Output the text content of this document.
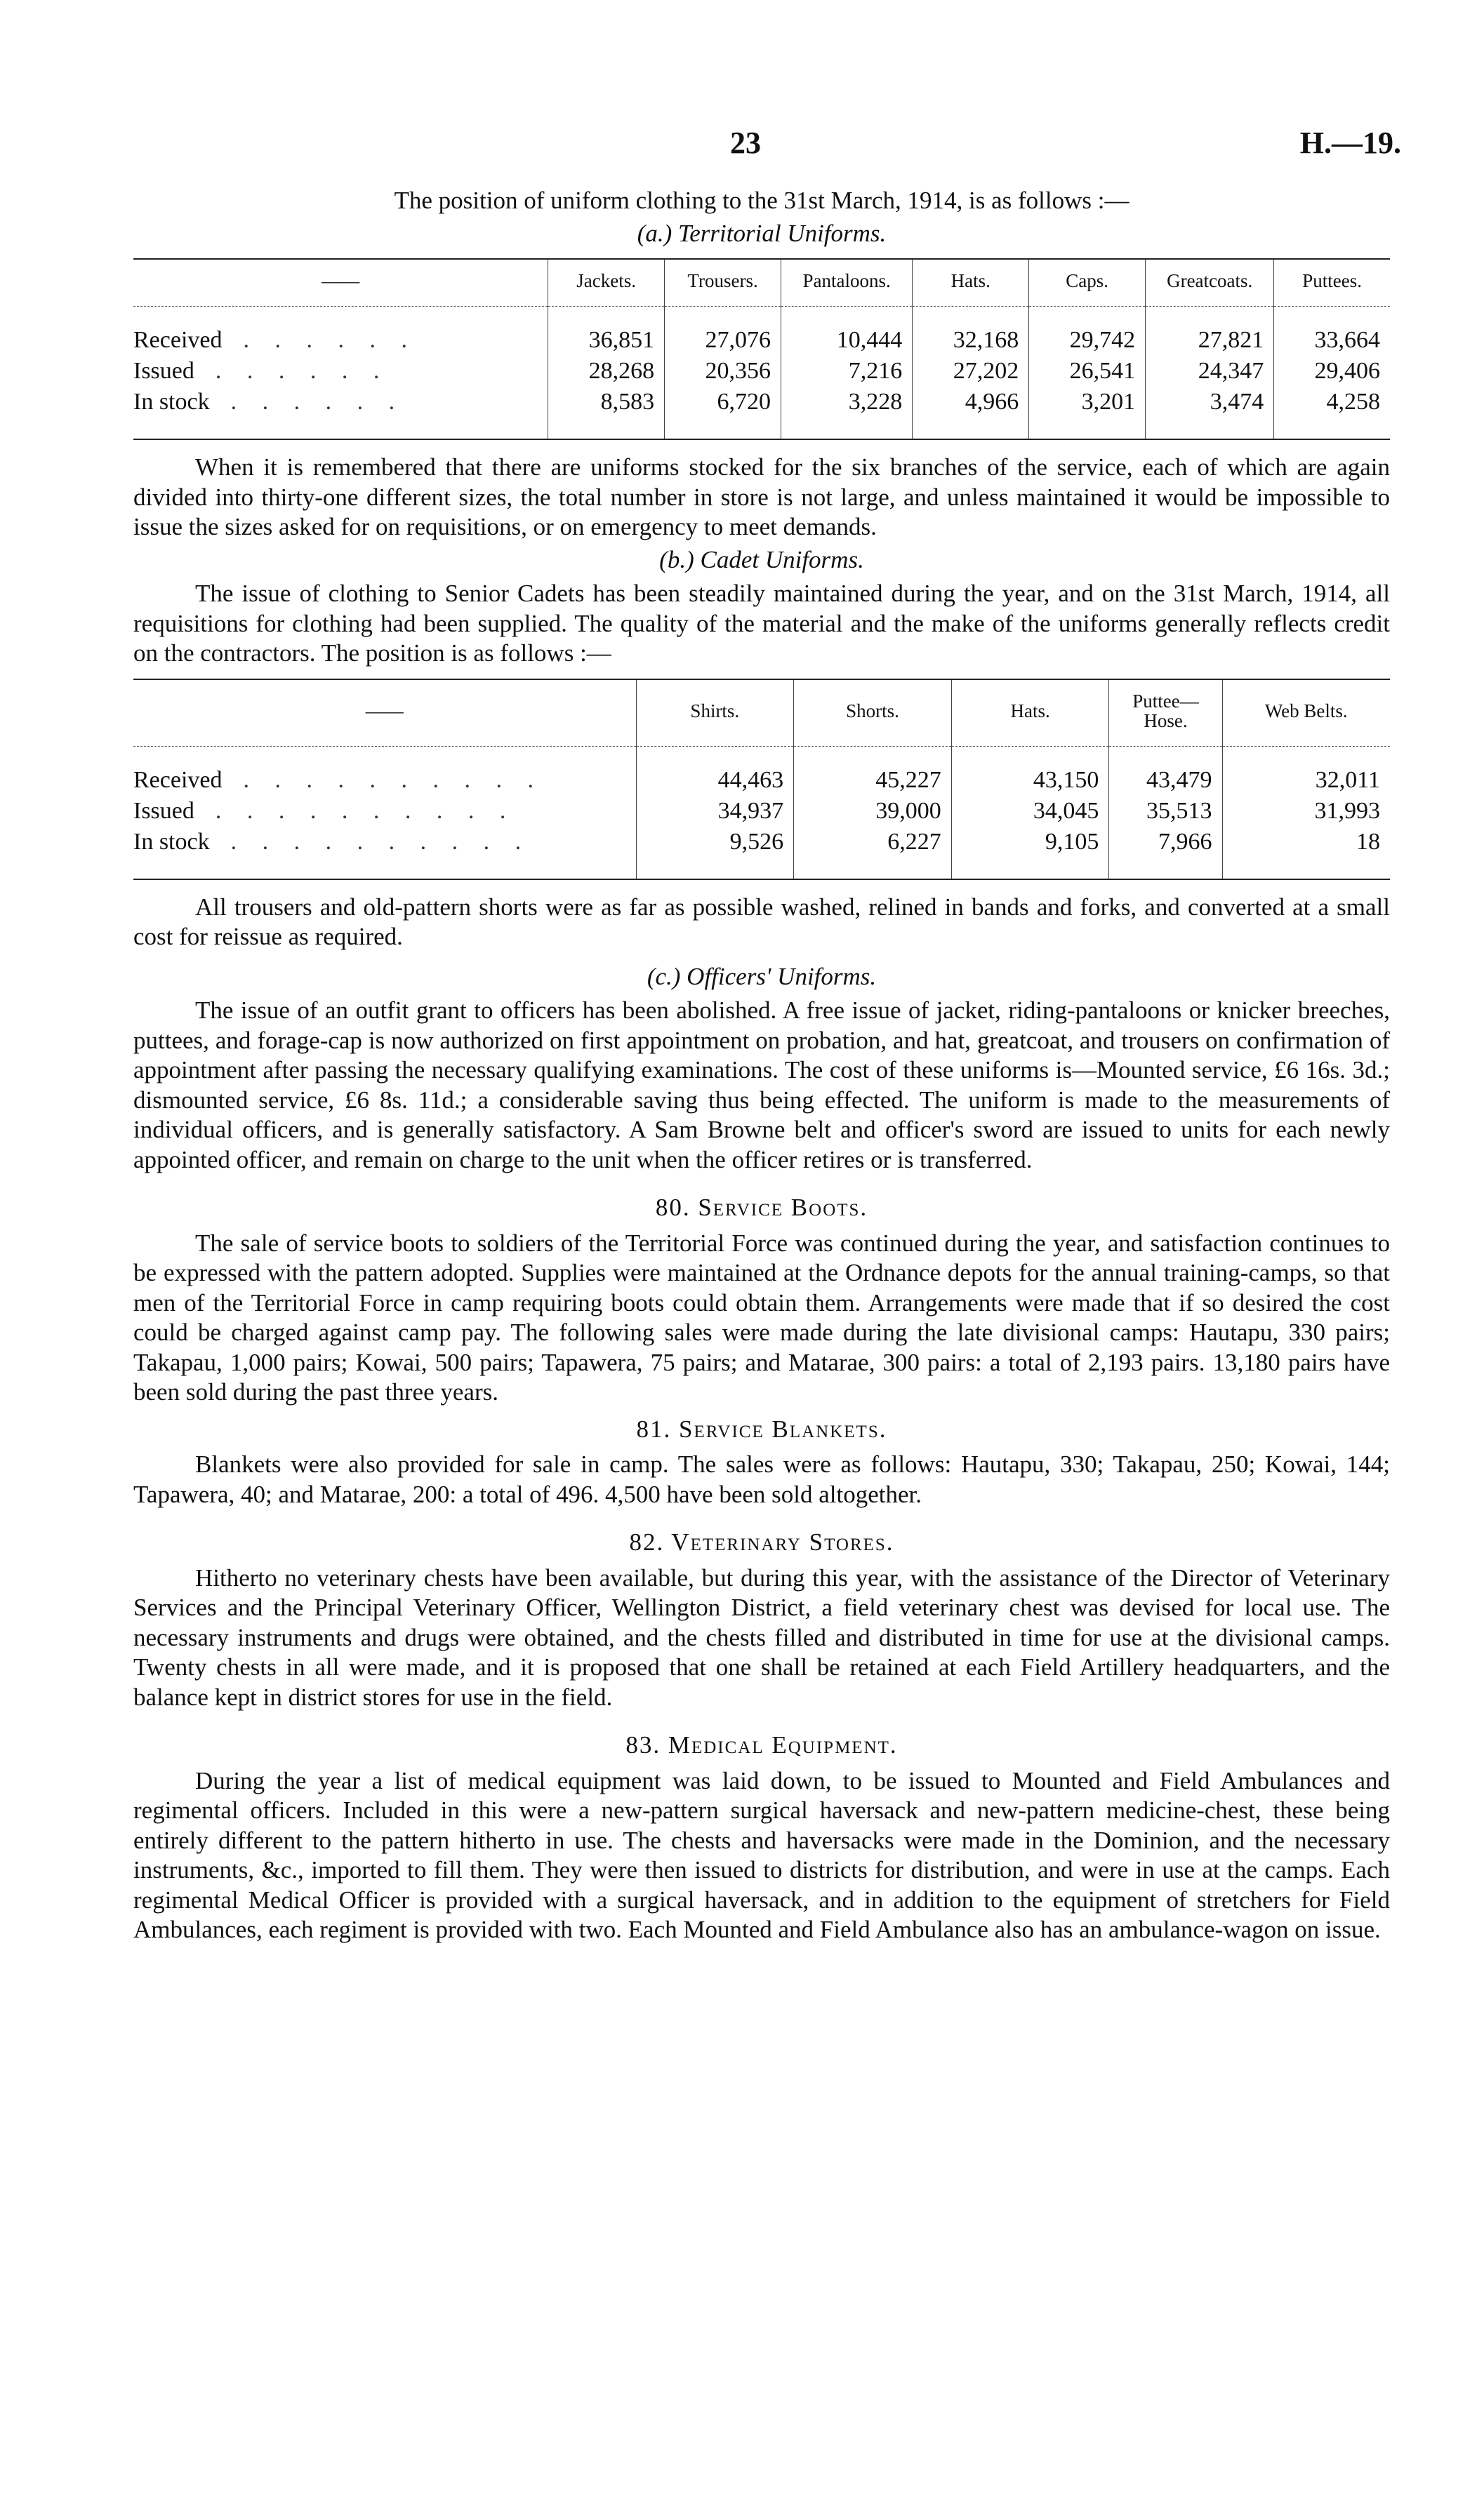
23	H.—19.

The position of uniform clothing to the 31st March, 1914, is as follows :—

(a.) Territorial Uniforms.

——	Jackets.	Trousers.	Pantaloons.	Hats.	Caps.	Greatcoats.	Puttees.

Received . . . . . .	36,851	27,076	10,444	32,168	29,742	27,821	33,664
Issued . . . . . .	28,268	20,356	7,216	27,202	26,541	24,347	29,406
In stock . . . . . .	8,583	6,720	3,228	4,966	3,201	3,474	4,258

When it is remembered that there are uniforms stocked for the six branches of the service, each of which are again divided into thirty-one different sizes, the total number in store is not large, and unless maintained it would be impossible to issue the sizes asked for on requisitions, or on emergency to meet demands.

(b.) Cadet Uniforms.

The issue of clothing to Senior Cadets has been steadily maintained during the year, and on the 31st March, 1914, all requisitions for clothing had been supplied. The quality of the material and the make of the uniforms generally reflects credit on the contractors. The position is as follows :—

——	Shirts.	Shorts.	Hats.	Puttee—Hose.	Web Belts.

Received . . . . . . . . . .	44,463	45,227	43,150	43,479	32,011
Issued . . . . . . . . . .	34,937	39,000	34,045	35,513	31,993
In stock . . . . . . . . . .	9,526	6,227	9,105	7,966	18

All trousers and old-pattern shorts were as far as possible washed, relined in bands and forks, and converted at a small cost for reissue as required.

(c.) Officers' Uniforms.

The issue of an outfit grant to officers has been abolished. A free issue of jacket, riding-pantaloons or knicker breeches, puttees, and forage-cap is now authorized on first appointment on probation, and hat, greatcoat, and trousers on confirmation of appointment after passing the necessary qualifying examinations. The cost of these uniforms is—Mounted service, £6 16s. 3d.; dismounted service, £6 8s. 11d.; a considerable saving thus being effected. The uniform is made to the measurements of individual officers, and is generally satisfactory. A Sam Browne belt and officer's sword are issued to units for each newly appointed officer, and remain on charge to the unit when the officer retires or is transferred.

80. Service Boots.

The sale of service boots to soldiers of the Territorial Force was continued during the year, and satisfaction continues to be expressed with the pattern adopted. Supplies were maintained at the Ordnance depots for the annual training-camps, so that men of the Territorial Force in camp requiring boots could obtain them. Arrangements were made that if so desired the cost could be charged against camp pay. The following sales were made during the late divisional camps: Hautapu, 330 pairs; Takapau, 1,000 pairs; Kowai, 500 pairs; Tapawera, 75 pairs; and Matarae, 300 pairs: a total of 2,193 pairs. 13,180 pairs have been sold during the past three years.

81. Service Blankets.

Blankets were also provided for sale in camp. The sales were as follows: Hautapu, 330; Takapau, 250; Kowai, 144; Tapawera, 40; and Matarae, 200: a total of 496. 4,500 have been sold altogether.

82. Veterinary Stores.

Hitherto no veterinary chests have been available, but during this year, with the assistance of the Director of Veterinary Services and the Principal Veterinary Officer, Wellington District, a field veterinary chest was devised for local use. The necessary instruments and drugs were obtained, and the chests filled and distributed in time for use at the divisional camps. Twenty chests in all were made, and it is proposed that one shall be retained at each Field Artillery headquarters, and the balance kept in district stores for use in the field.

83. Medical Equipment.

During the year a list of medical equipment was laid down, to be issued to Mounted and Field Ambulances and regimental officers. Included in this were a new-pattern surgical haversack and new-pattern medicine-chest, these being entirely different to the pattern hitherto in use. The chests and haversacks were made in the Dominion, and the necessary instruments, &c., imported to fill them. They were then issued to districts for distribution, and were in use at the camps. Each regimental Medical Officer is provided with a surgical haversack, and in addition to the equipment of stretchers for Field Ambulances, each regiment is provided with two. Each Mounted and Field Ambulance also has an ambulance-wagon on issue.
